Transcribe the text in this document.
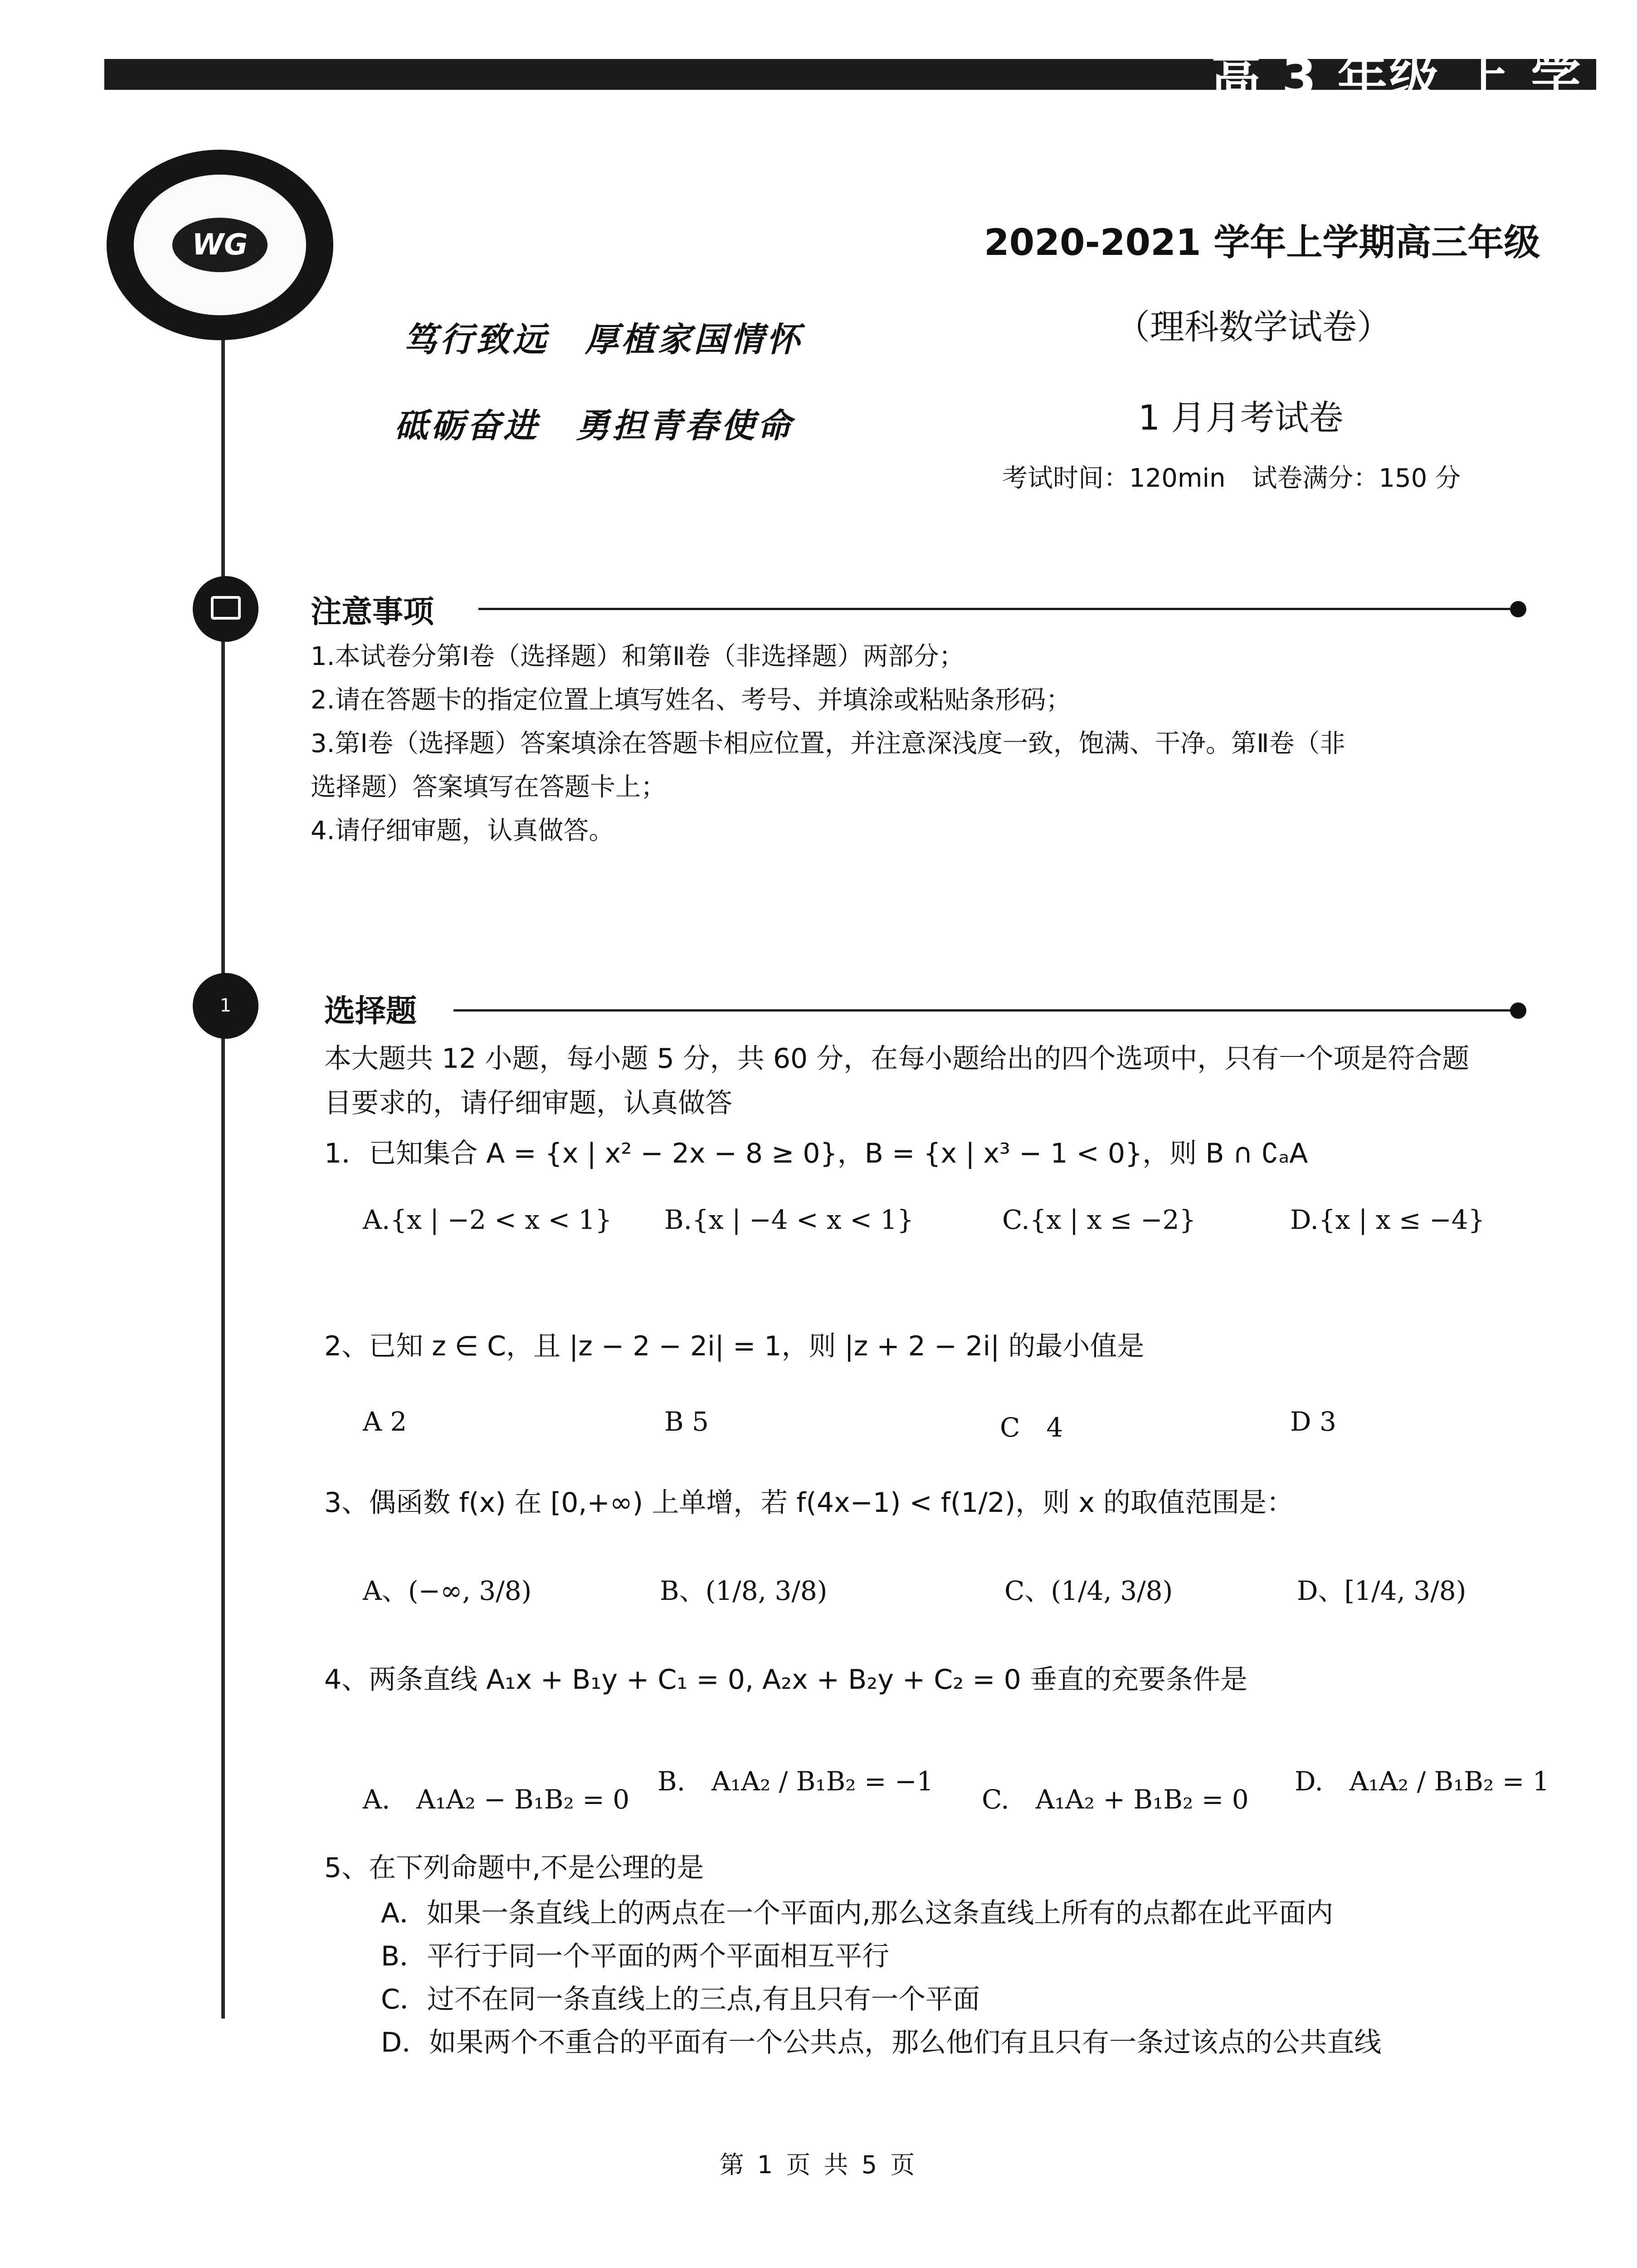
高 3 年级 上 学
WG
笃行致远　厚植家国情怀
砥砺奋进　勇担青春使命
2020-2021 学年上学期高三年级
（理科数学试卷）
1 月月考试卷
考试时间：120min 试卷满分：150 分
注意事项
1.本试卷分第Ⅰ卷（选择题）和第Ⅱ卷（非选择题）两部分；
2.请在答题卡的指定位置上填写姓名、考号、并填涂或粘贴条形码；
3.第Ⅰ卷（选择题）答案填涂在答题卡相应位置，并注意深浅度一致，饱满、干净。第Ⅱ卷（非
选择题）答案填写在答题卡上；
4.请仔细审题，认真做答。
1	选择题
本大题共 12 小题，每小题 5 分，共 60 分，在每小题给出的四个选项中，只有一个项是符合题
目要求的，请仔细审题，认真做答
1．已知集合 A = {x | x² − 2x − 8 ≥ 0}，B = {x | x³ − 1 < 0}，则 B ∩ ∁ₐA
A.{x | −2 < x < 1} B.{x | −4 < x < 1}	C.{x | x ≤ −2}	D.{x | x ≤ −4}
2、已知 z ∈ C，且 |z − 2 − 2i| = 1，则 |z + 2 − 2i| 的最小值是
A 2	B 5	C　4	D 3
3、偶函数 f(x) 在 [0,+∞) 上单增，若 f(4x−1) < f(1/2)，则 x 的取值范围是：
A、(−∞, 3/8)	B、(1/8, 3/8)	C、(1/4, 3/8)	D、[1/4, 3/8)
4、两条直线 A₁x + B₁y + C₁ = 0, A₂x + B₂y + C₂ = 0 垂直的充要条件是
A.　A₁A₂ − B₁B₂ = 0
B.　A₁A₂ / B₁B₂ = −1
C.　A₁A₂ + B₁B₂ = 0
D.　A₁A₂ / B₁B₂ = 1
5、在下列命题中,不是公理的是
A．如果一条直线上的两点在一个平面内,那么这条直线上所有的点都在此平面内
B．平行于同一个平面的两个平面相互平行
C．过不在同一条直线上的三点,有且只有一个平面
D．如果两个不重合的平面有一个公共点，那么他们有且只有一条过该点的公共直线
第 1 页 共 5 页
